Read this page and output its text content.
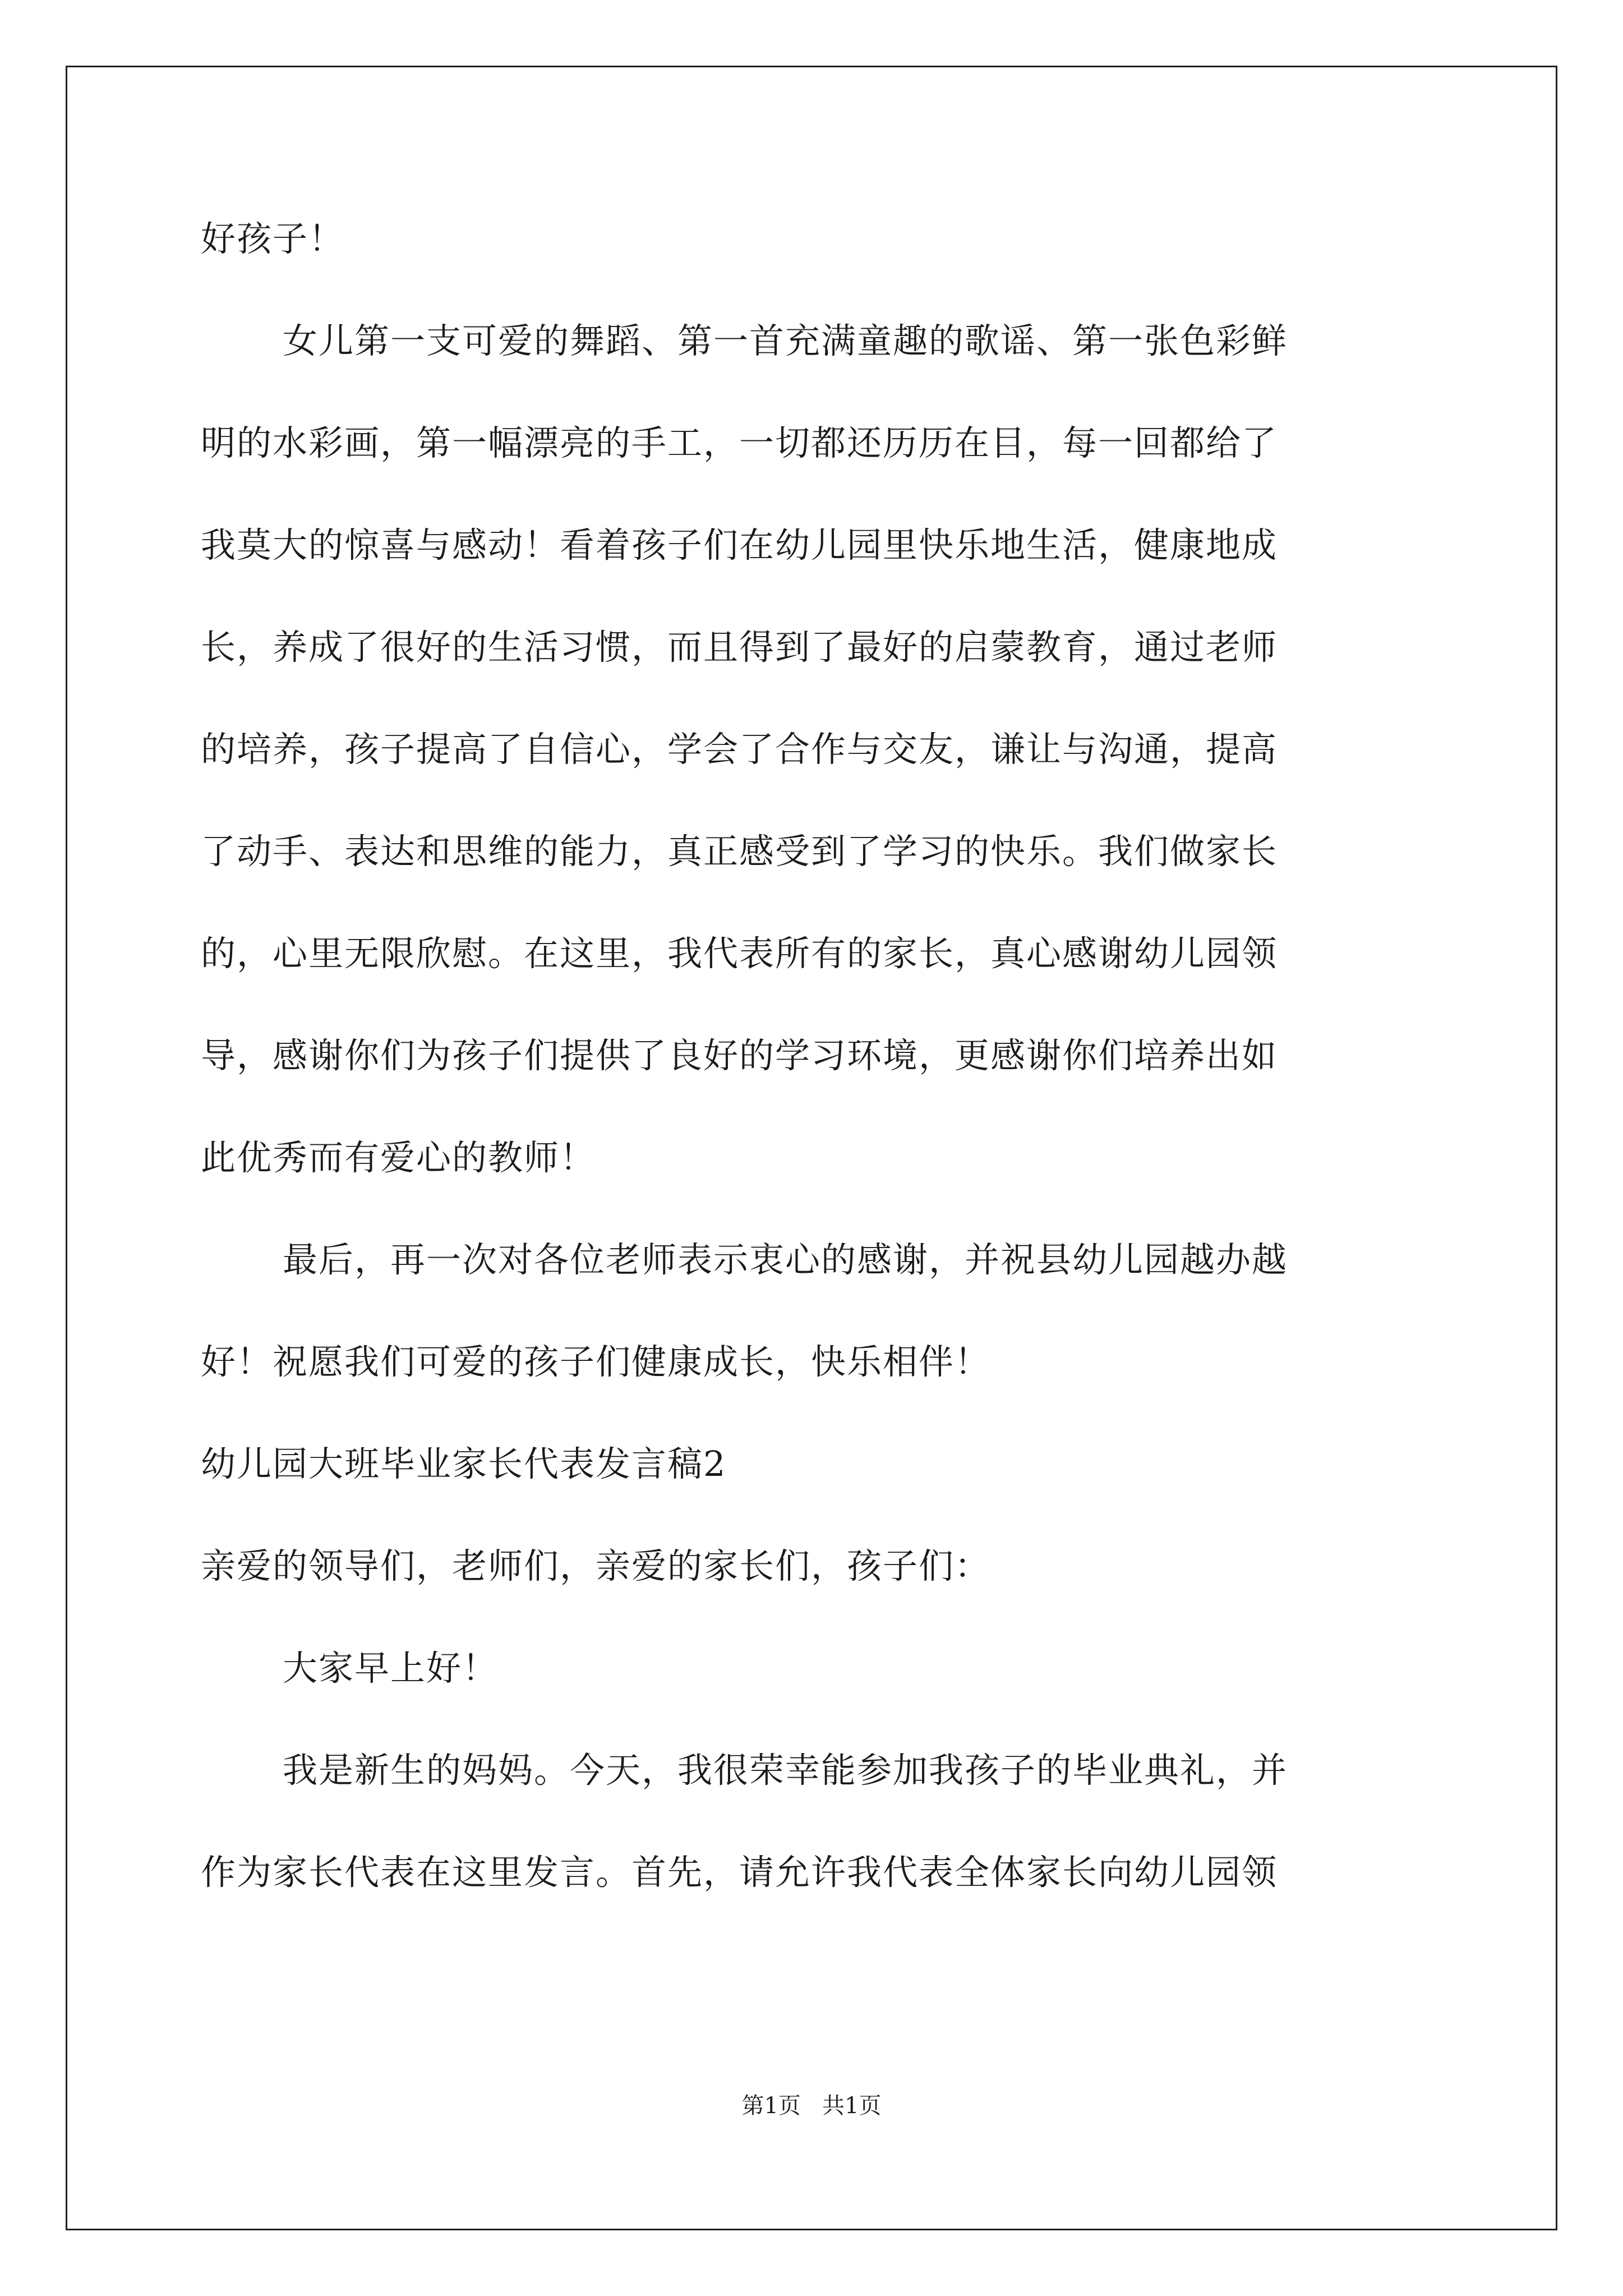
好孩子！
女儿第一支可爱的舞蹈、第一首充满童趣的歌谣、第一张色彩鲜
明的水彩画，第一幅漂亮的手工，一切都还历历在目，每一回都给了
我莫大的惊喜与感动！看着孩子们在幼儿园里快乐地生活，健康地成
长，养成了很好的生活习惯，而且得到了最好的启蒙教育，通过老师
的培养，孩子提高了自信心，学会了合作与交友，谦让与沟通，提高
了动手、表达和思维的能力，真正感受到了学习的快乐。我们做家长
的，心里无限欣慰。在这里，我代表所有的家长，真心感谢幼儿园领
导，感谢你们为孩子们提供了良好的学习环境，更感谢你们培养出如
此优秀而有爱心的教师！
最后，再一次对各位老师表示衷心的感谢，并祝县幼儿园越办越
好！祝愿我们可爱的孩子们健康成长，快乐相伴！
幼儿园大班毕业家长代表发言稿2
亲爱的领导们，老师们，亲爱的家长们，孩子们：
大家早上好！
我是新生的妈妈。今天，我很荣幸能参加我孩子的毕业典礼，并
作为家长代表在这里发言。首先，请允许我代表全体家长向幼儿园领
第1页   共1页
